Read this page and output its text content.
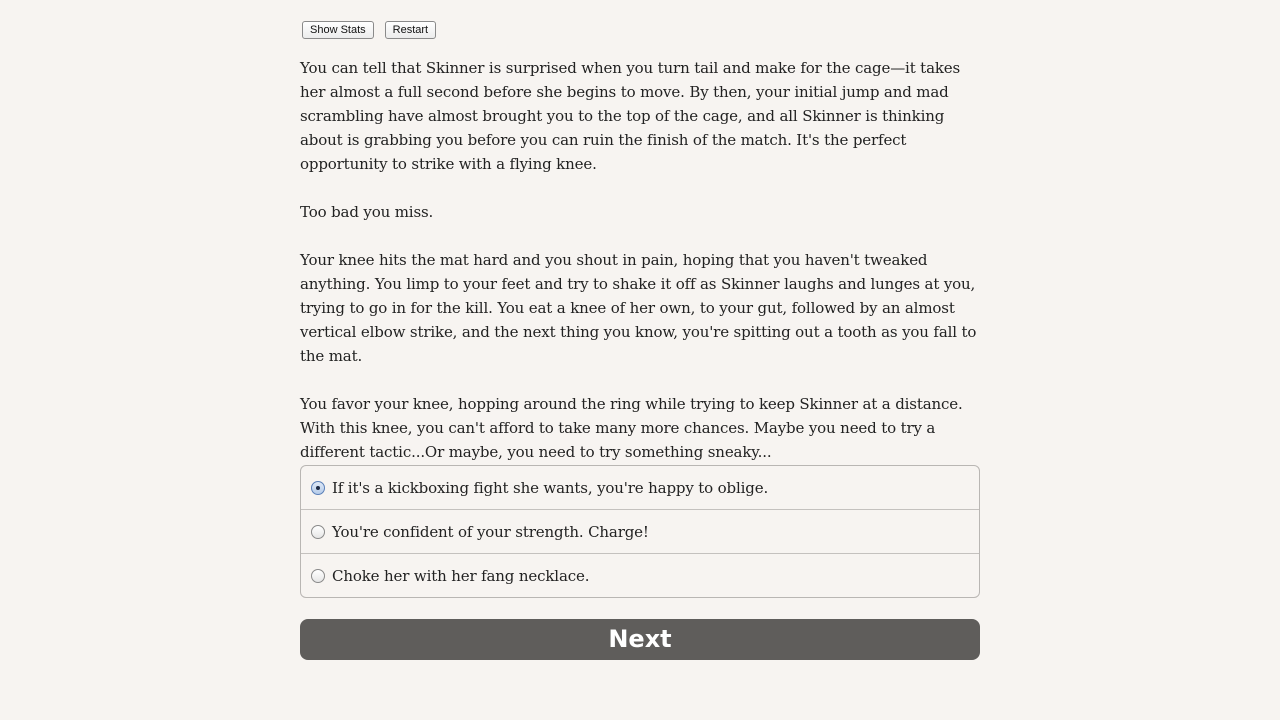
Show Stats	Restart

You can tell that Skinner is surprised when you turn tail and make for the cage—it takes her almost a full second before she begins to move. By then, your initial jump and mad scrambling have almost brought you to the top of the cage, and all Skinner is thinking about is grabbing you before you can ruin the finish of the match. It's the perfect opportunity to strike with a flying knee.

Too bad you miss.

Your knee hits the mat hard and you shout in pain, hoping that you haven't tweaked anything. You limp to your feet and try to shake it off as Skinner laughs and lunges at you, trying to go in for the kill. You eat a knee of her own, to your gut, followed by an almost vertical elbow strike, and the next thing you know, you're spitting out a tooth as you fall to the mat.

You favor your knee, hopping around the ring while trying to keep Skinner at a distance. With this knee, you can't afford to take many more chances. Maybe you need to try a different tactic...Or maybe, you need to try something sneaky...

If it's a kickboxing fight she wants, you're happy to oblige.
You're confident of your strength. Charge!
Choke her with her fang necklace.
Next
